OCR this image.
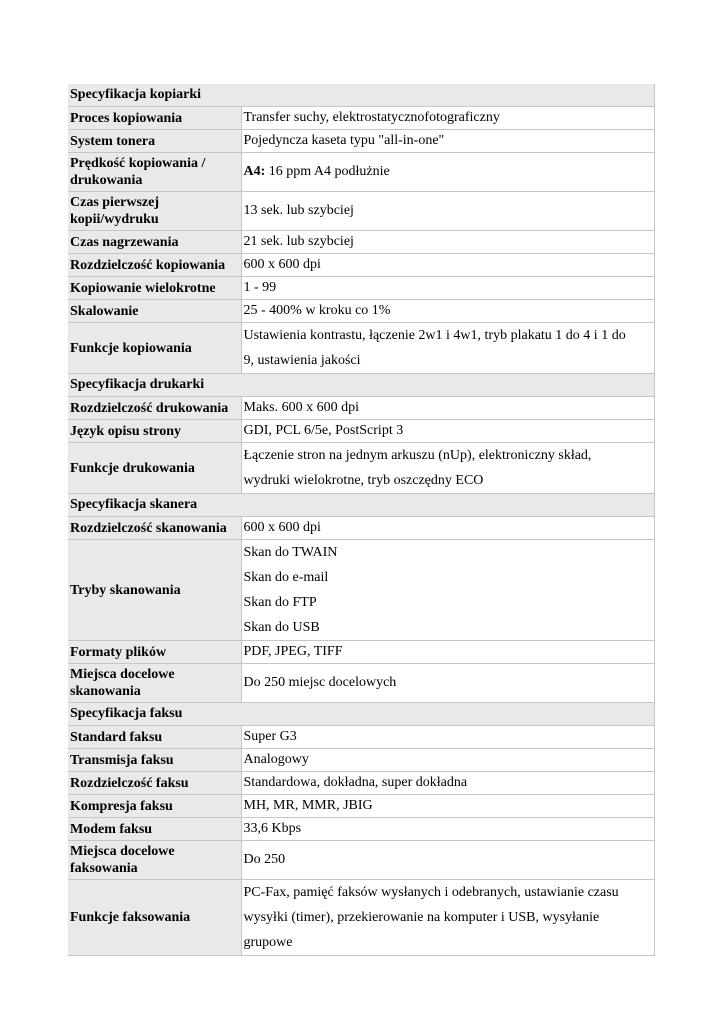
Specyfikacja kopiarki	
Proces kopiowania	Transfer suchy, elektrostatycznofotograficzny
System tonera	Pojedyncza kaseta typu "all-in-one"
Prędkość kopiowania / drukowania	A4: 16 ppm A4 podłużnie
Czas pierwszej kopii/wydruku	13 sek. lub szybciej
Czas nagrzewania	21 sek. lub szybciej
Rozdzielczość kopiowania	600 x 600 dpi
Kopiowanie wielokrotne	1 - 99
Skalowanie	25 - 400% w kroku co 1%
Funkcje kopiowania	Ustawienia kontrastu, łączenie 2w1 i 4w1, tryb plakatu 1 do 4 i 1 do
9, ustawienia jakości

Specyfikacja drukarki	
Rozdzielczość drukowania	Maks. 600 x 600 dpi
Język opisu strony	GDI, PCL 6/5e, PostScript 3
Funkcje drukowania	Łączenie stron na jednym arkuszu (nUp), elektroniczny skład,
wydruki wielokrotne, tryb oszczędny ECO

Specyfikacja skanera	
Rozdzielczość skanowania	600 x 600 dpi
Tryby skanowania	Skan do TWAIN
Skan do e-mail
Skan do FTP
Skan do USB

Formaty plików	PDF, JPEG, TIFF
Miejsca docelowe skanowania	Do 250 miejsc docelowych
Specyfikacja faksu	
Standard faksu	Super G3
Transmisja faksu	Analogowy
Rozdzielczość faksu	Standardowa, dokładna, super dokładna
Kompresja faksu	MH, MR, MMR, JBIG
Modem faksu	33,6 Kbps
Miejsca docelowe faksowania	Do 250
Funkcje faksowania	PC-Fax, pamięć faksów wysłanych i odebranych, ustawianie czasu
wysyłki (timer), przekierowanie na komputer i USB, wysyłanie
grupowe
